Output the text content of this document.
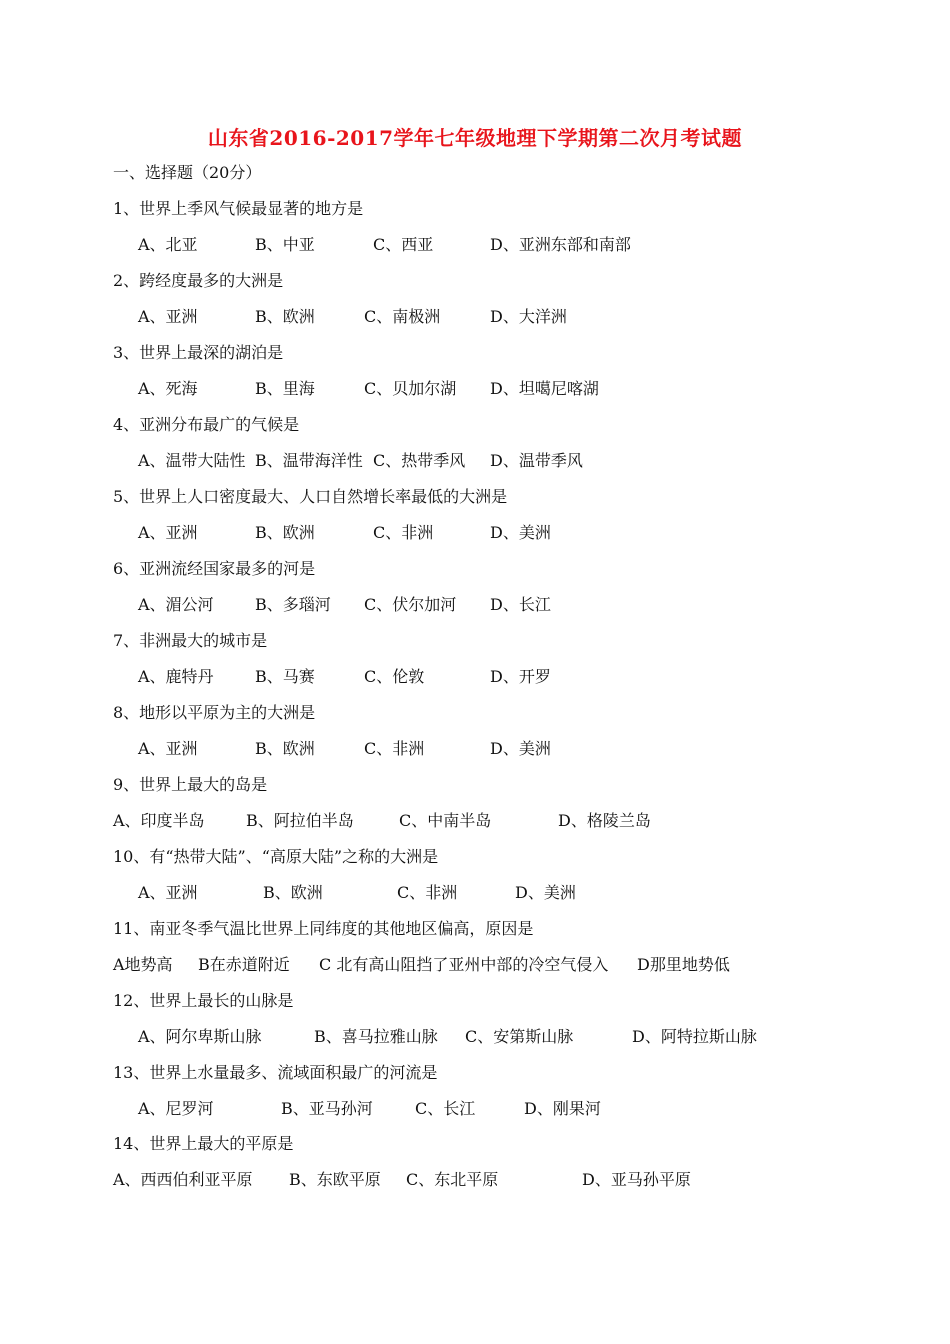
山东省2016-2017学年七年级地理下学期第二次月考试题
一、选择题（20分）
1、世界上季风气候最显著的地方是
A、北亚	B、中亚	C、西亚	D、亚洲东部和南部
2、跨经度最多的大洲是
A、亚洲	B、欧洲	C、南极洲	D、大洋洲
3、世界上最深的湖泊是
A、死海	B、里海	C、贝加尔湖 D、坦噶尼喀湖
4、亚洲分布最广的气候是
A、温带大陆性 B、温带海洋性 C、热带季风 D、温带季风
5、世界上人口密度最大、人口自然增长率最低的大洲是
A、亚洲	B、欧洲	C、非洲	D、美洲
6、亚洲流经国家最多的河是
A、湄公河	B、多瑙河 C、伏尔加河 D、长江
7、非洲最大的城市是
A、鹿特丹	B、马赛	C、伦敦	D、开罗
8、地形以平原为主的大洲是
A、亚洲	B、欧洲	C、非洲	D、美洲
9、世界上最大的岛是
A、印度半岛	B、阿拉伯半岛	C、中南半岛	D、格陵兰岛
10、有“热带大陆”、“高原大陆”之称的大洲是
A、亚洲	B、欧洲	C、非洲	D、美洲
11、南亚冬季气温比世界上同纬度的其他地区偏高，原因是
A地势高 B在赤道附近 C 北有高山阻挡了亚州中部的冷空气侵入 D那里地势低
12、世界上最长的山脉是
A、阿尔卑斯山脉	B、喜马拉雅山脉 C、安第斯山脉	D、阿特拉斯山脉
13、世界上水量最多、流域面积最广的河流是
A、尼罗河	B、亚马孙河	C、长江	D、刚果河
14、世界上最大的平原是
A、西西伯利亚平原 B、东欧平原 C、东北平原	D、亚马孙平原
